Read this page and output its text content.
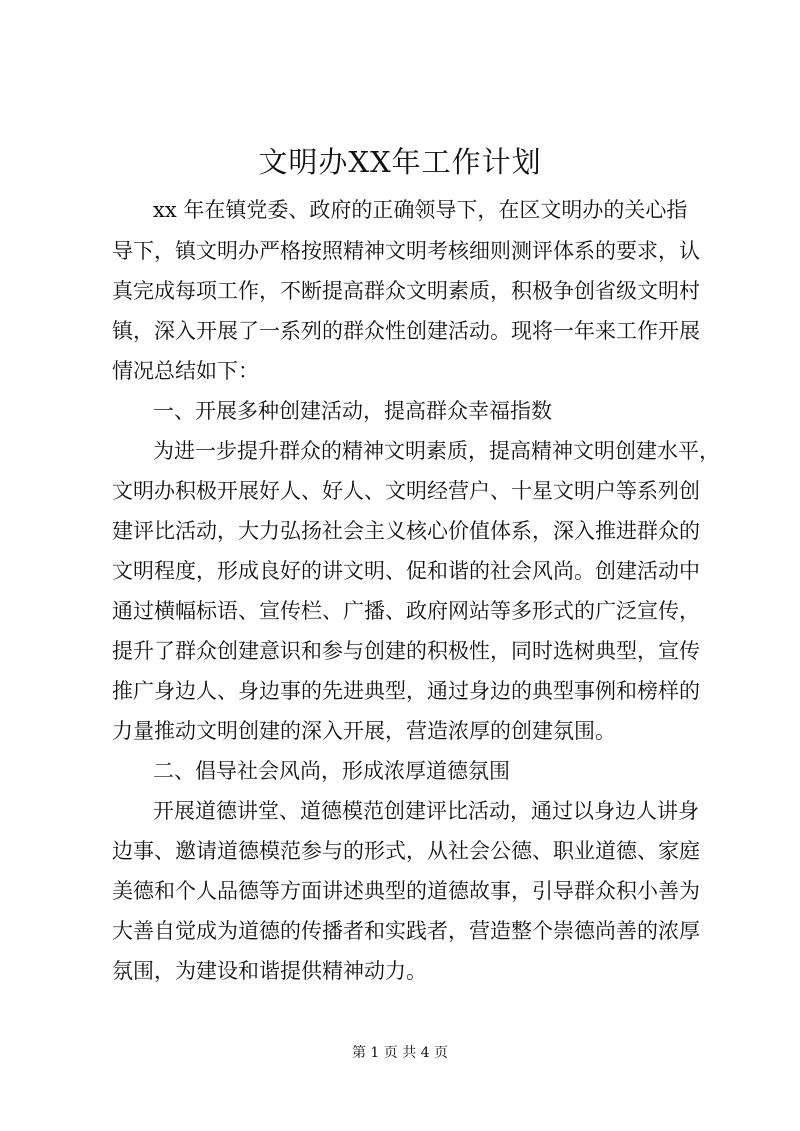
文明办XX年工作计划

xx 年在镇党委、政府的正确领导下，在区文明办的关心指

导下，镇文明办严格按照精神文明考核细则测评体系的要求，认

真完成每项工作，不断提高群众文明素质，积极争创省级文明村

镇，深入开展了一系列的群众性创建活动。现将一年来工作开展

情况总结如下：

一、开展多种创建活动，提高群众幸福指数

为进一步提升群众的精神文明素质，提高精神文明创建水平，

文明办积极开展好人、好人、文明经营户、十星文明户等系列创

建评比活动，大力弘扬社会主义核心价值体系，深入推进群众的

文明程度，形成良好的讲文明、促和谐的社会风尚。创建活动中

通过横幅标语、宣传栏、广播、政府网站等多形式的广泛宣传，

提升了群众创建意识和参与创建的积极性，同时选树典型，宣传

推广身边人、身边事的先进典型，通过身边的典型事例和榜样的

力量推动文明创建的深入开展，营造浓厚的创建氛围。

二、倡导社会风尚，形成浓厚道德氛围

开展道德讲堂、道德模范创建评比活动，通过以身边人讲身

边事、邀请道德模范参与的形式，从社会公德、职业道德、家庭

美德和个人品德等方面讲述典型的道德故事，引导群众积小善为

大善自觉成为道德的传播者和实践者，营造整个崇德尚善的浓厚

氛围，为建设和谐提供精神动力。

第 1 页 共 4 页
